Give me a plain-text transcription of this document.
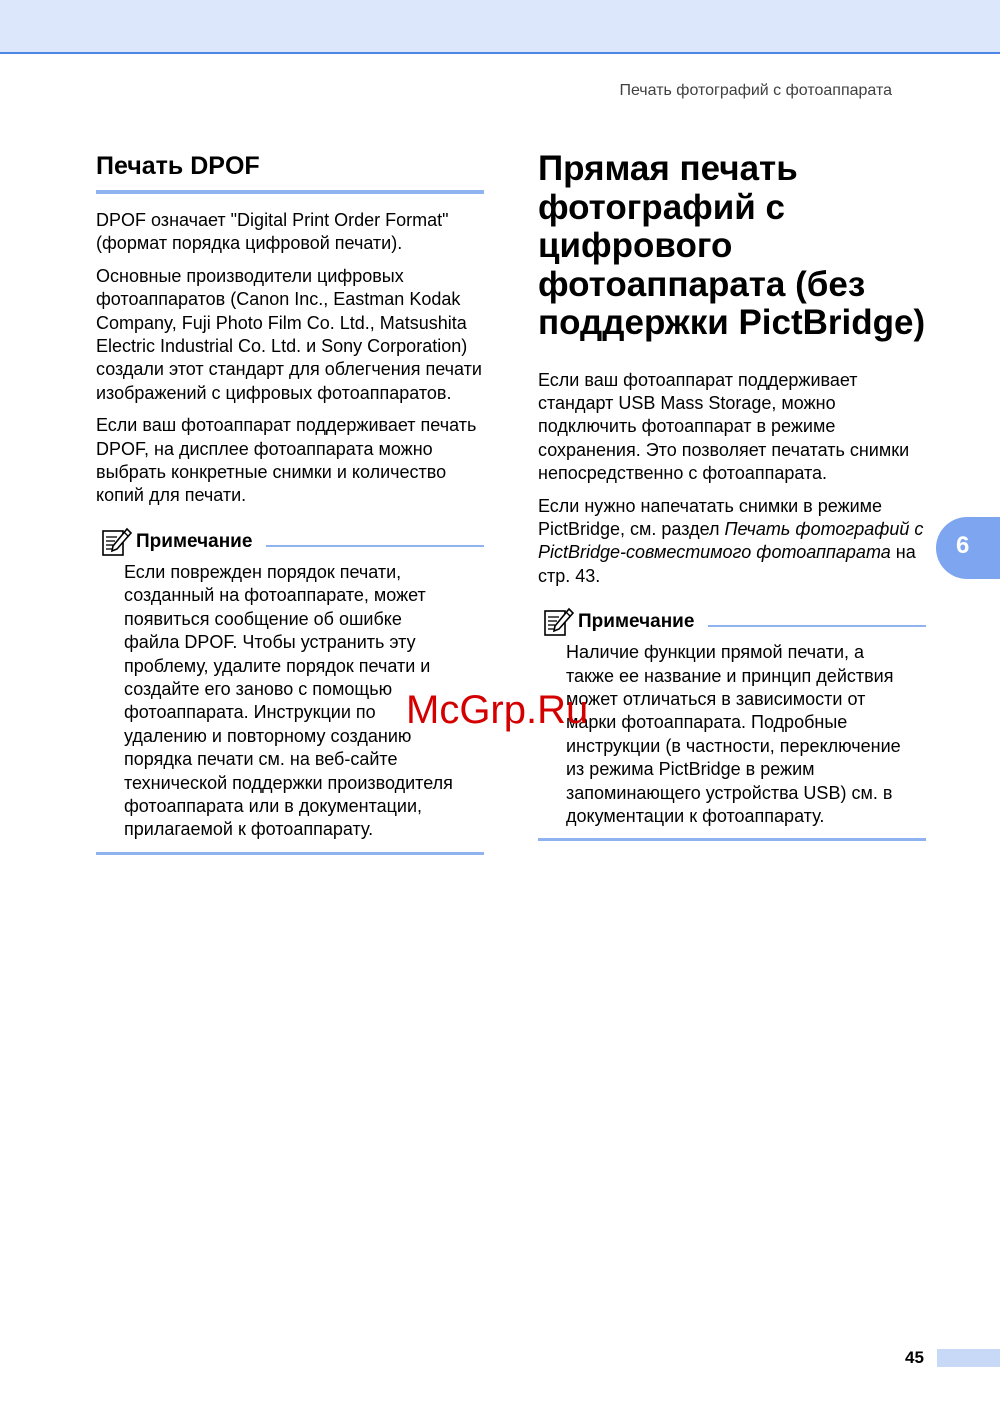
Печать фотографий с фотоаппарата
Печать DPOF

DPOF означает "Digital Print Order Format" (формат порядка цифровой печати).

Основные производители цифровых фотоаппаратов (Canon Inc., Eastman Kodak Company, Fuji Photo Film Co. Ltd., Matsushita Electric Industrial Co. Ltd. и Sony Corporation) создали этот стандарт для облегчения печати изображений с цифровых фотоаппаратов.

Если ваш фотоаппарат поддерживает печать DPOF, на дисплее фотоаппарата можно выбрать конкретные снимки и количество копий для печати.

Примечание
Если поврежден порядок печати,
созданный на фотоаппарате, может
появиться сообщение об ошибке
файла DPOF. Чтобы устранить эту
проблему, удалите порядок печати и
создайте его заново с помощью
фотоаппарата. Инструкции по
удалению и повторному созданию
порядка печати см. на веб-сайте
технической поддержки производителя
фотоаппарата или в документации,
прилагаемой к фотоаппарату.
Прямая печать фотографий с цифрового фотоаппарата (без поддержки PictBridge)

Если ваш фотоаппарат поддерживает стандарт USB Mass Storage, можно подключить фотоаппарат в режиме сохранения. Это позволяет печатать снимки непосредственно с фотоаппарата.

Если нужно напечатать снимки в режиме PictBridge, см. раздел Печать фотографий с PictBridge-совместимого фотоаппарата на стр. 43.

Примечание
Наличие функции прямой печати, а
также ее название и принцип действия
может отличаться в зависимости от
марки фотоаппарата. Подробные
инструкции (в частности, переключение
из режима PictBridge в режим
запоминающего устройства USB) см. в
документации к фотоаппарату.
6
McGrp.Ru
45
